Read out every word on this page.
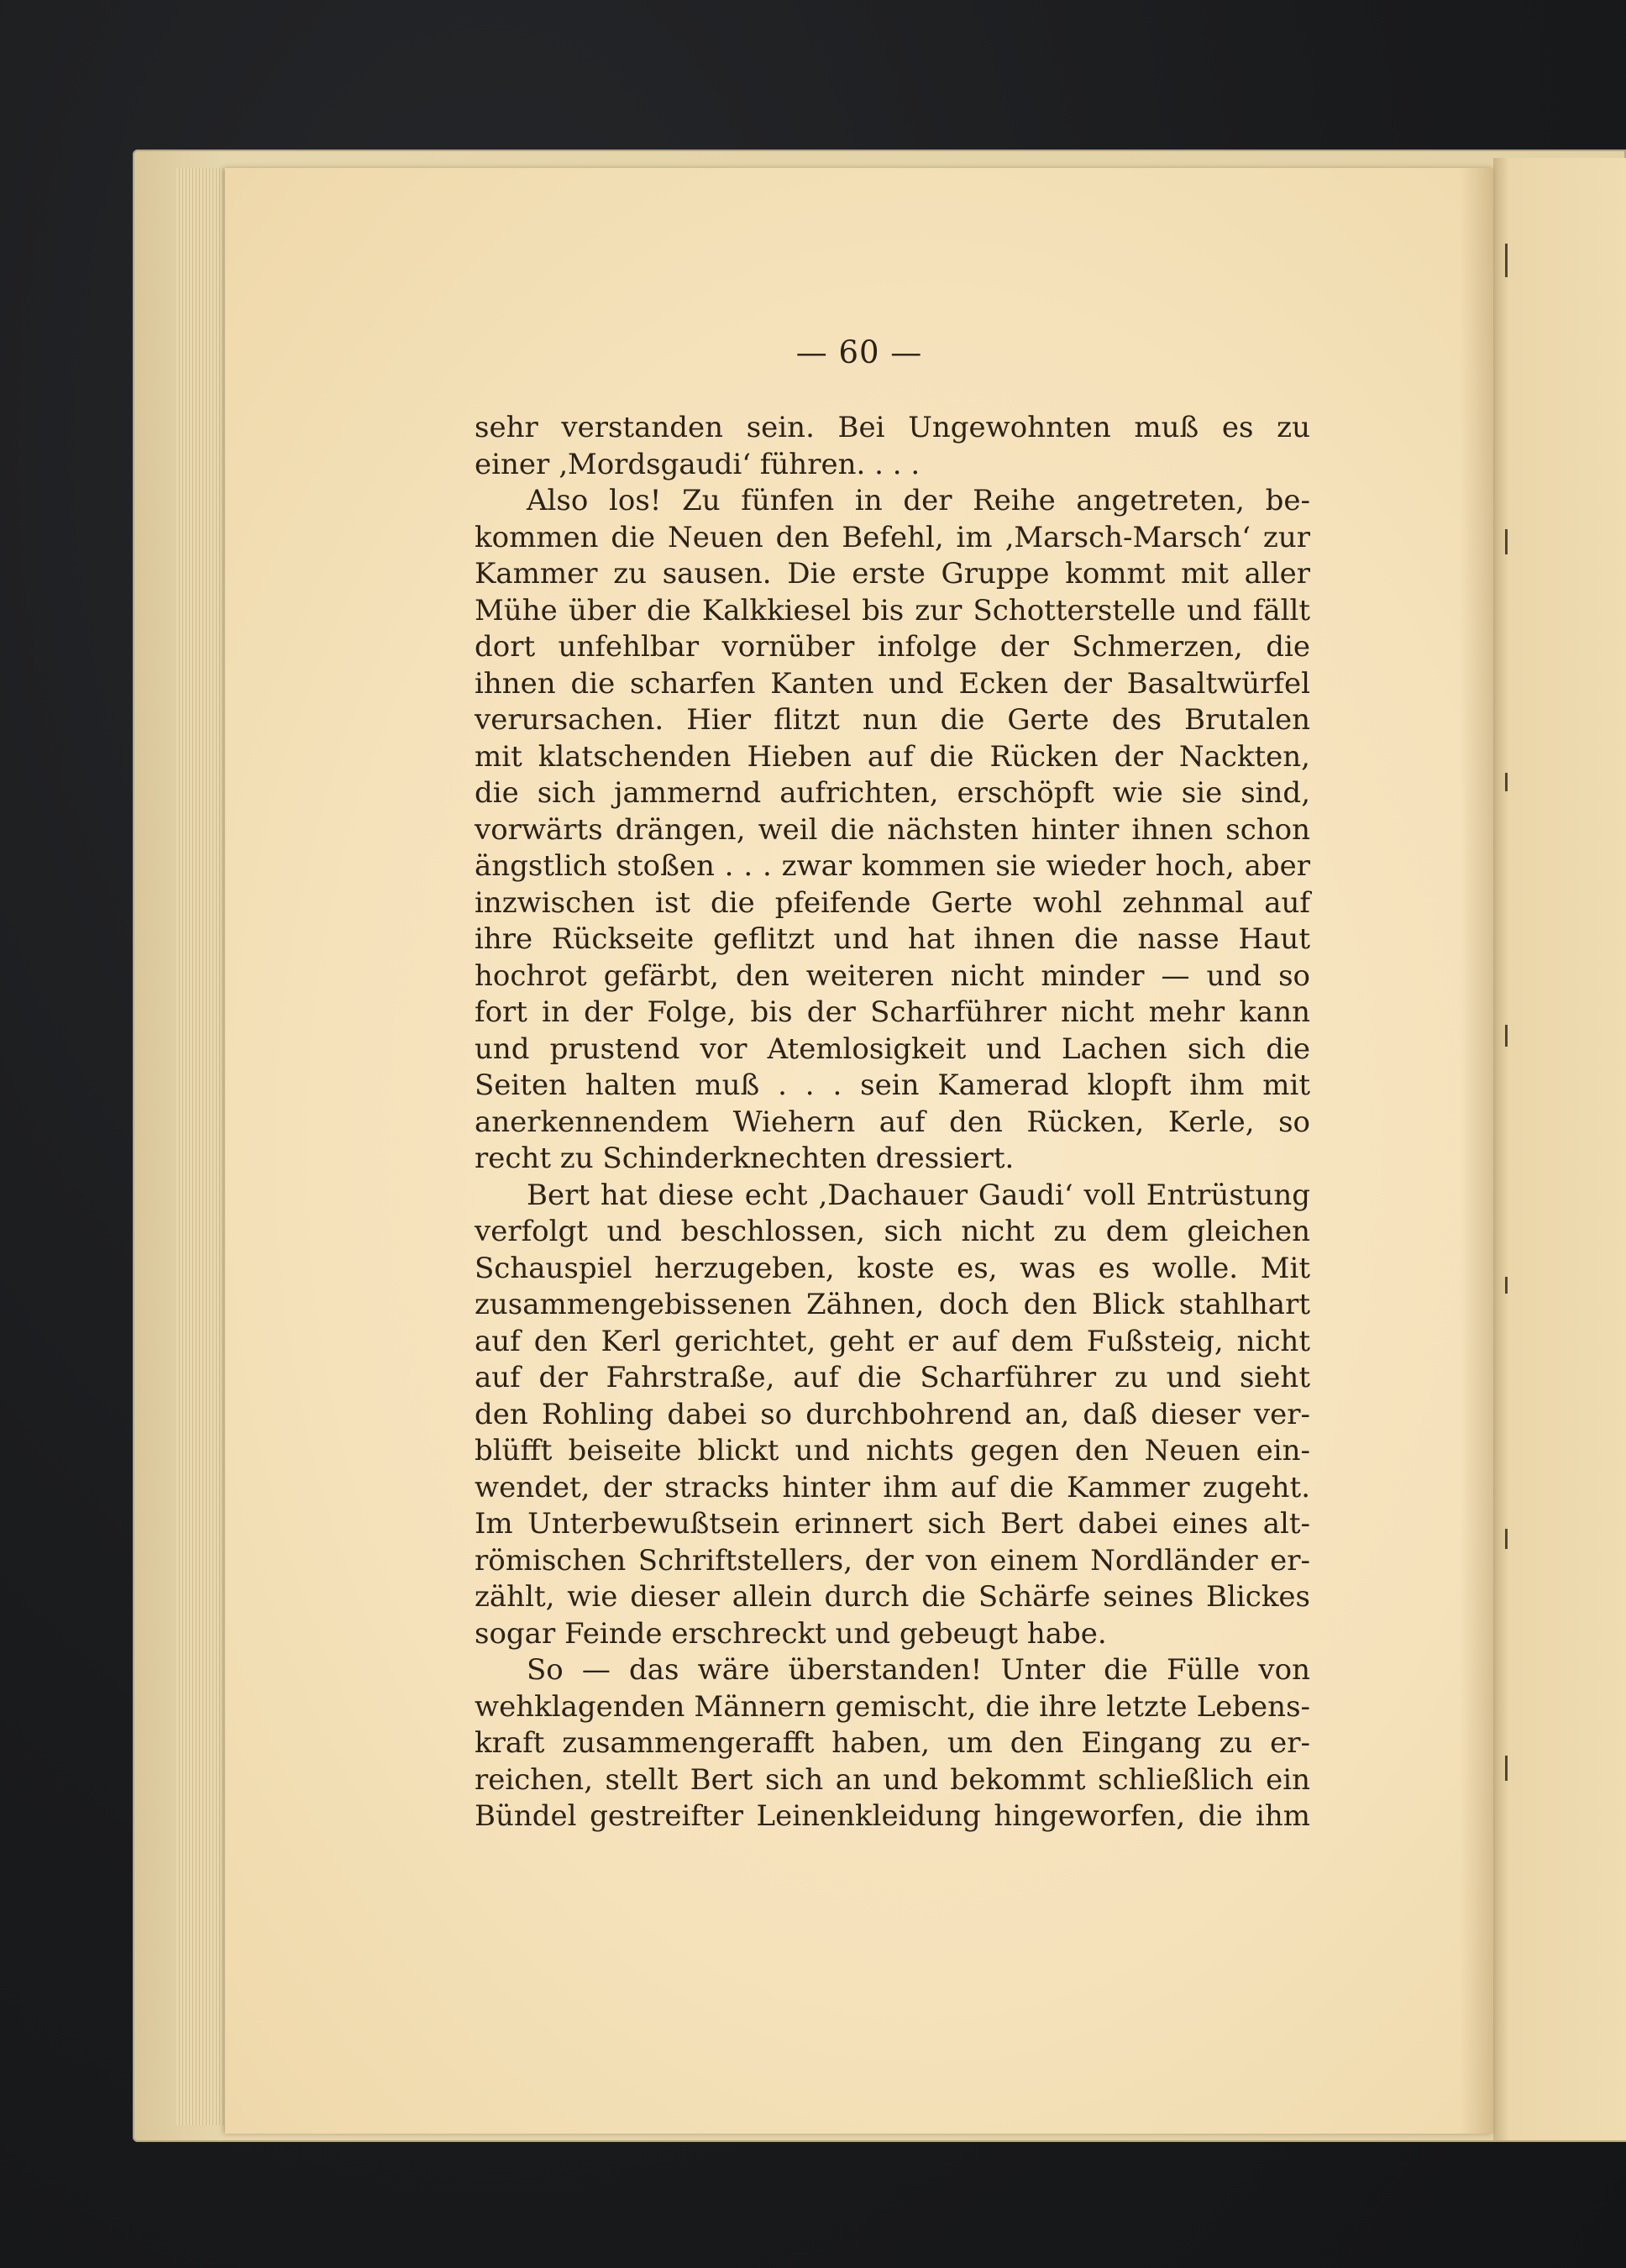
— 60 —
sehr verstanden sein. Bei Ungewohnten muß es zu
einer ‚Mordsgaudi‘ führen. . . .
Also los! Zu fünfen in der Reihe angetreten, be-
kommen die Neuen den Befehl, im ‚Marsch-Marsch‘ zur
Kammer zu sausen. Die erste Gruppe kommt mit aller
Mühe über die Kalkkiesel bis zur Schotterstelle und fällt
dort unfehlbar vornüber infolge der Schmerzen, die
ihnen die scharfen Kanten und Ecken der Basaltwürfel
verursachen. Hier flitzt nun die Gerte des Brutalen
mit klatschenden Hieben auf die Rücken der Nackten,
die sich jammernd aufrichten, erschöpft wie sie sind,
vorwärts drängen, weil die nächsten hinter ihnen schon
ängstlich stoßen . . . zwar kommen sie wieder hoch, aber
inzwischen ist die pfeifende Gerte wohl zehnmal auf
ihre Rückseite geflitzt und hat ihnen die nasse Haut
hochrot gefärbt, den weiteren nicht minder — und so
fort in der Folge, bis der Scharführer nicht mehr kann
und prustend vor Atemlosigkeit und Lachen sich die
Seiten halten muß . . . sein Kamerad klopft ihm mit
anerkennendem Wiehern auf den Rücken, Kerle, so
recht zu Schinderknechten dressiert.
Bert hat diese echt ‚Dachauer Gaudi‘ voll Entrüstung
verfolgt und beschlossen, sich nicht zu dem gleichen
Schauspiel herzugeben, koste es, was es wolle. Mit
zusammengebissenen Zähnen, doch den Blick stahlhart
auf den Kerl gerichtet, geht er auf dem Fußsteig, nicht
auf der Fahrstraße, auf die Scharführer zu und sieht
den Rohling dabei so durchbohrend an, daß dieser ver-
blüfft beiseite blickt und nichts gegen den Neuen ein-
wendet, der stracks hinter ihm auf die Kammer zugeht.
Im Unterbewußtsein erinnert sich Bert dabei eines alt-
römischen Schriftstellers, der von einem Nordländer er-
zählt, wie dieser allein durch die Schärfe seines Blickes
sogar Feinde erschreckt und gebeugt habe.
So — das wäre überstanden! Unter die Fülle von
wehklagenden Männern gemischt, die ihre letzte Lebens-
kraft zusammengerafft haben, um den Eingang zu er-
reichen, stellt Bert sich an und bekommt schließlich ein
Bündel gestreifter Leinenkleidung hingeworfen, die ihm
